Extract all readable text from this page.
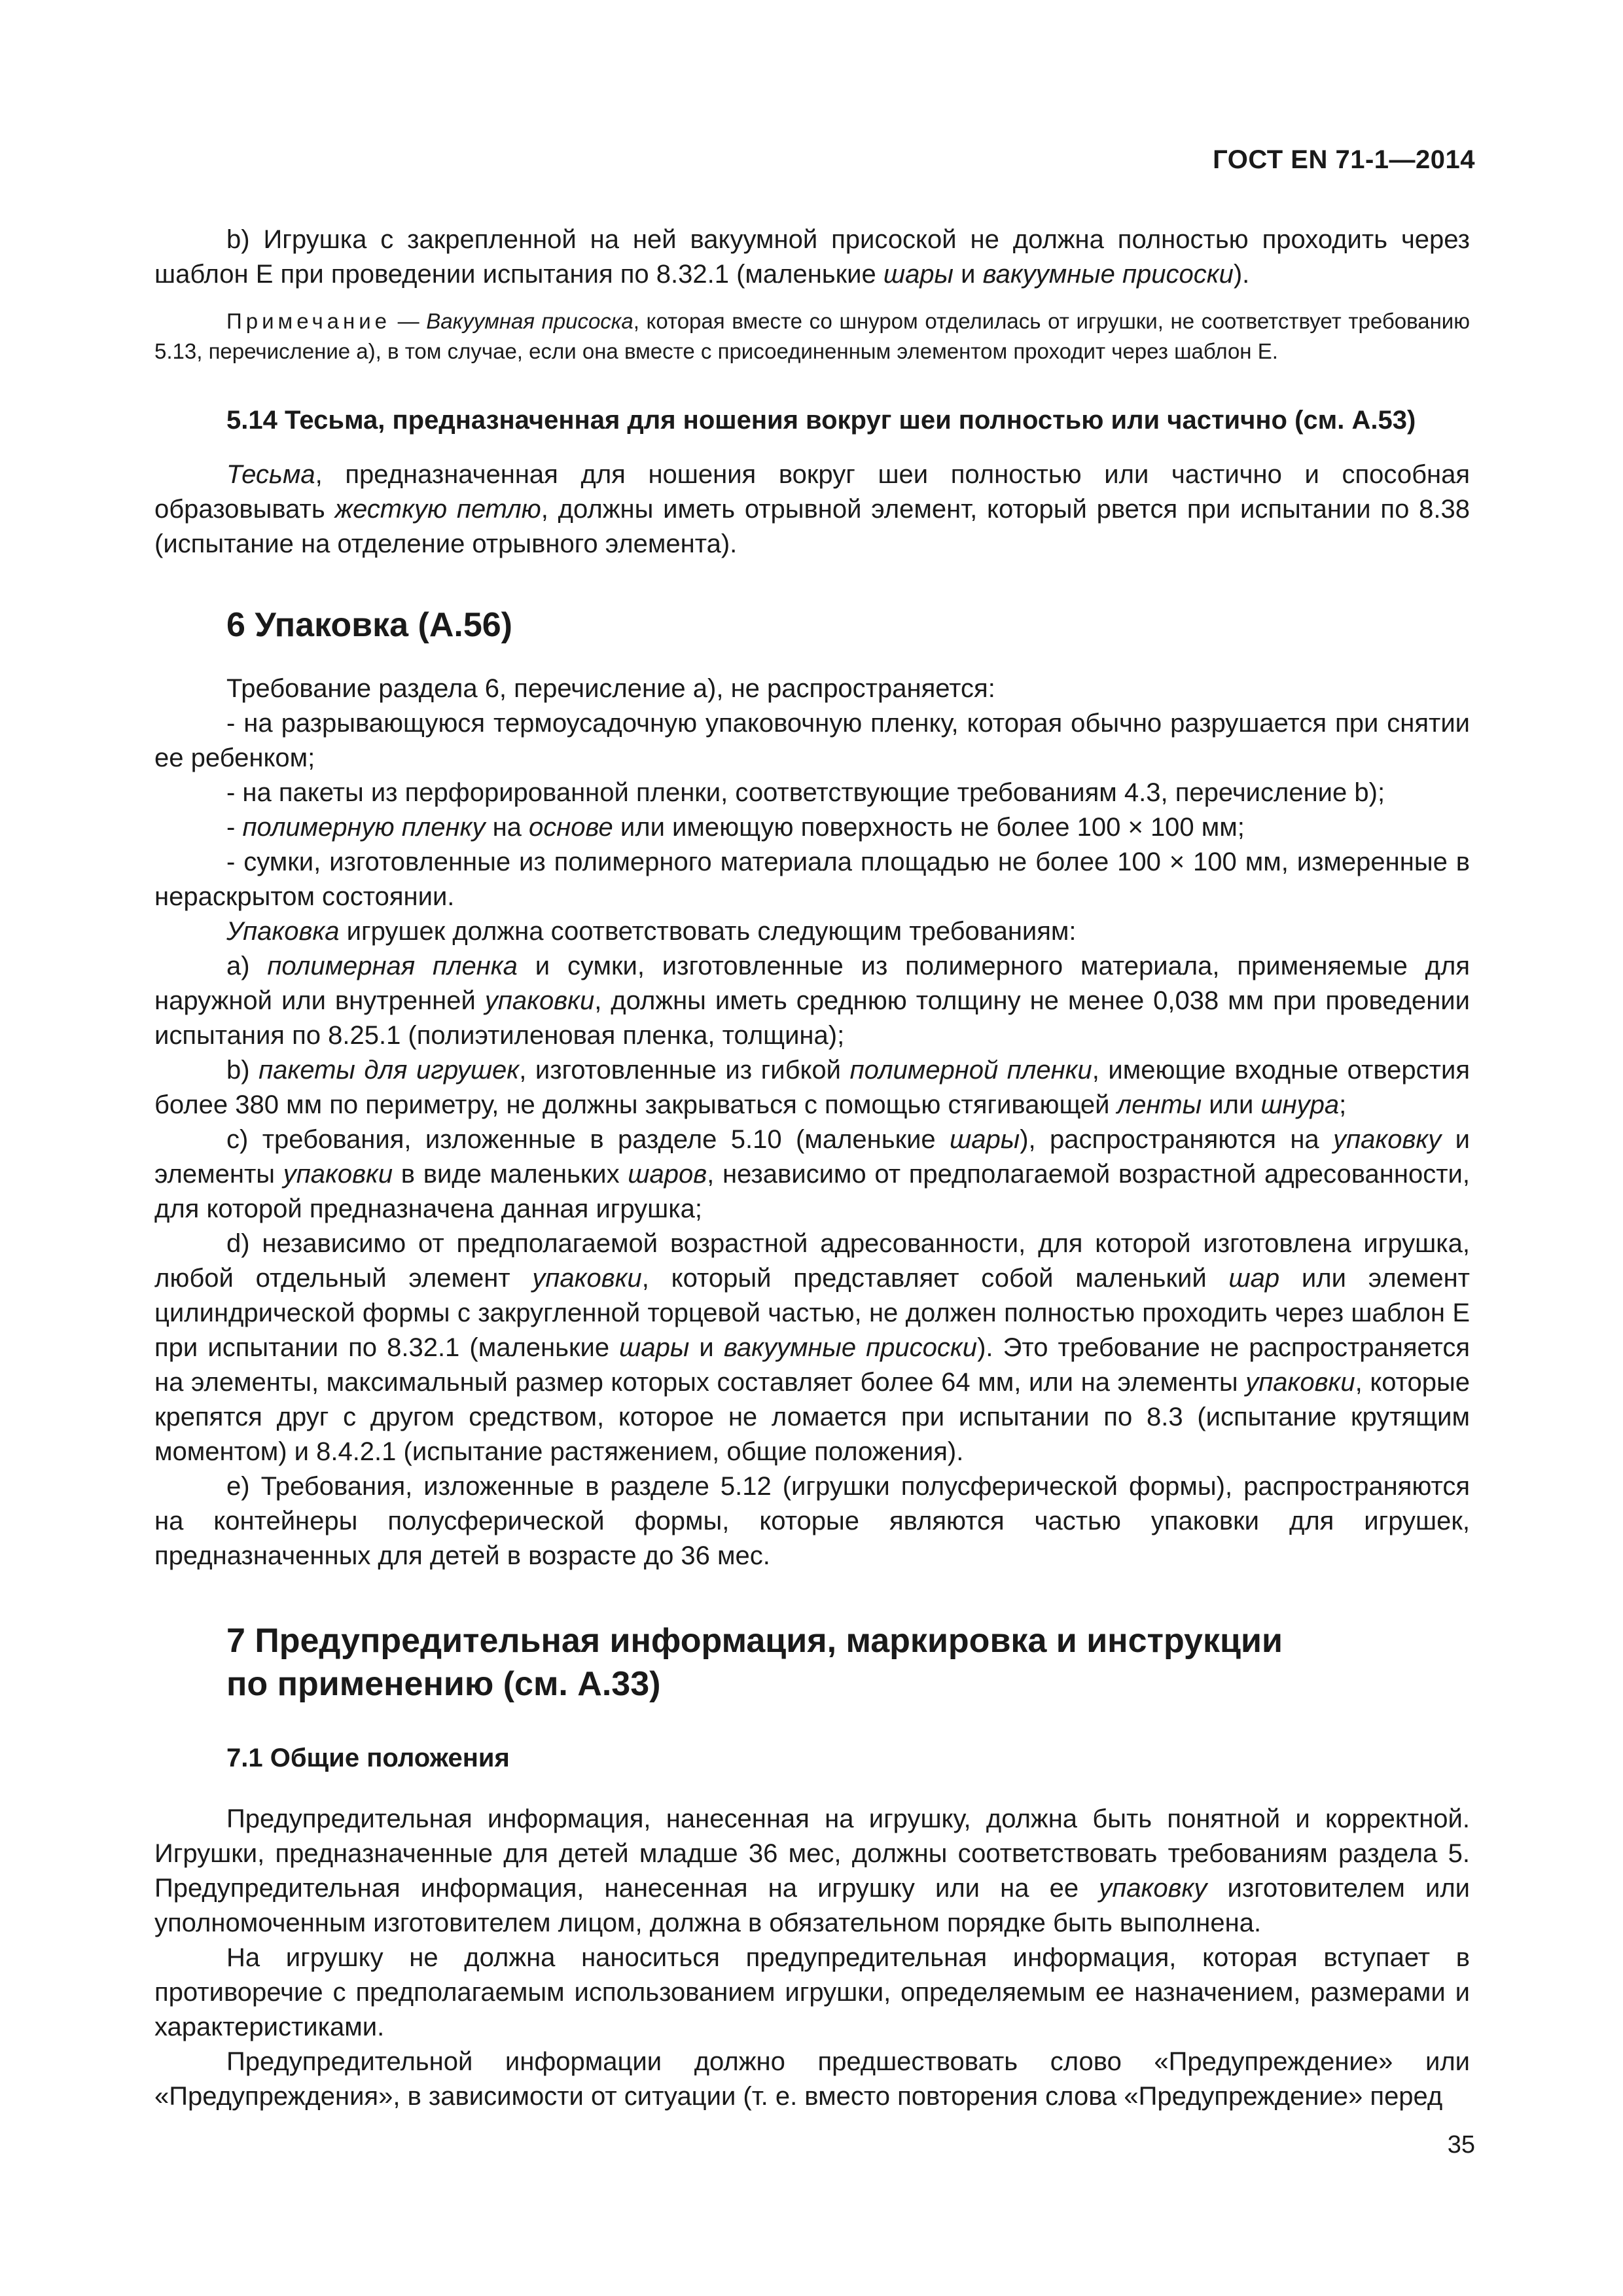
ГОСТ EN 71-1—2014

b) Игрушка с закрепленной на ней вакуумной присоской не должна полностью проходить через шаблон E при проведении испытания по 8.32.1 (маленькие шары и вакуумные присоски).

Примечание — Вакуумная присоска, которая вместе со шнуром отделилась от игрушки, не соответствует требованию 5.13, перечисление a), в том случае, если она вместе с присоединенным элементом проходит через шаблон E.

5.14 Тесьма, предназначенная для ношения вокруг шеи полностью или частично (см. А.53)

Тесьма, предназначенная для ношения вокруг шеи полностью или частично и способная образовывать жесткую петлю, должны иметь отрывной элемент, который рвется при испытании по 8.38 (испытание на отделение отрывного элемента).

6 Упаковка (А.56)

Требование раздела 6, перечисление а), не распространяется:

- на разрывающуюся термоусадочную упаковочную пленку, которая обычно разрушается при снятии ее ребенком;

- на пакеты из перфорированной пленки, соответствующие требованиям 4.3, перечисление b);

- полимерную пленку на основе или имеющую поверхность не более 100 × 100 мм;

- сумки, изготовленные из полимерного материала площадью не более 100 × 100 мм, измеренные в нераскрытом состоянии.

Упаковка игрушек должна соответствовать следующим требованиям:

а) полимерная пленка и сумки, изготовленные из полимерного материала, применяемые для наружной или внутренней упаковки, должны иметь среднюю толщину не менее 0,038 мм при проведении испытания по 8.25.1 (полиэтиленовая пленка, толщина);

b) пакеты для игрушек, изготовленные из гибкой полимерной пленки, имеющие входные отверстия более 380 мм по периметру, не должны закрываться с помощью стягивающей ленты или шнура;

с) требования, изложенные в разделе 5.10 (маленькие шары), распространяются на упаковку и элементы упаковки в виде маленьких шаров, независимо от предполагаемой возрастной адресованности, для которой предназначена данная игрушка;

d) независимо от предполагаемой возрастной адресованности, для которой изготовлена игрушка, любой отдельный элемент упаковки, который представляет собой маленький шар или элемент цилиндрической формы с закругленной торцевой частью, не должен полностью проходить через шаблон E при испытании по 8.32.1 (маленькие шары и вакуумные присоски). Это требование не распространяется на элементы, максимальный размер которых составляет более 64 мм, или на элементы упаковки, которые крепятся друг с другом средством, которое не ломается при испытании по 8.3 (испытание крутящим моментом) и 8.4.2.1 (испытание растяжением, общие положения).

е) Требования, изложенные в разделе 5.12 (игрушки полусферической формы), распространяются на контейнеры полусферической формы, которые являются частью упаковки для игрушек, предназначенных для детей в возрасте до 36 мес.

7 Предупредительная информация, маркировка и инструкции
по применению (см. А.33)
7.1 Общие положения

Предупредительная информация, нанесенная на игрушку, должна быть понятной и корректной. Игрушки, предназначенные для детей младше 36 мес, должны соответствовать требованиям раздела 5. Предупредительная информация, нанесенная на игрушку или на ее упаковку изготовителем или уполномоченным изготовителем лицом, должна в обязательном порядке быть выполнена.

На игрушку не должна наноситься предупредительная информация, которая вступает в противоречие с предполагаемым использованием игрушки, определяемым ее назначением, размерами и характеристиками.

Предупредительной информации должно предшествовать слово «Предупреждение» или «Предупреждения», в зависимости от ситуации (т. е. вместо повторения слова «Предупреждение» перед

35
